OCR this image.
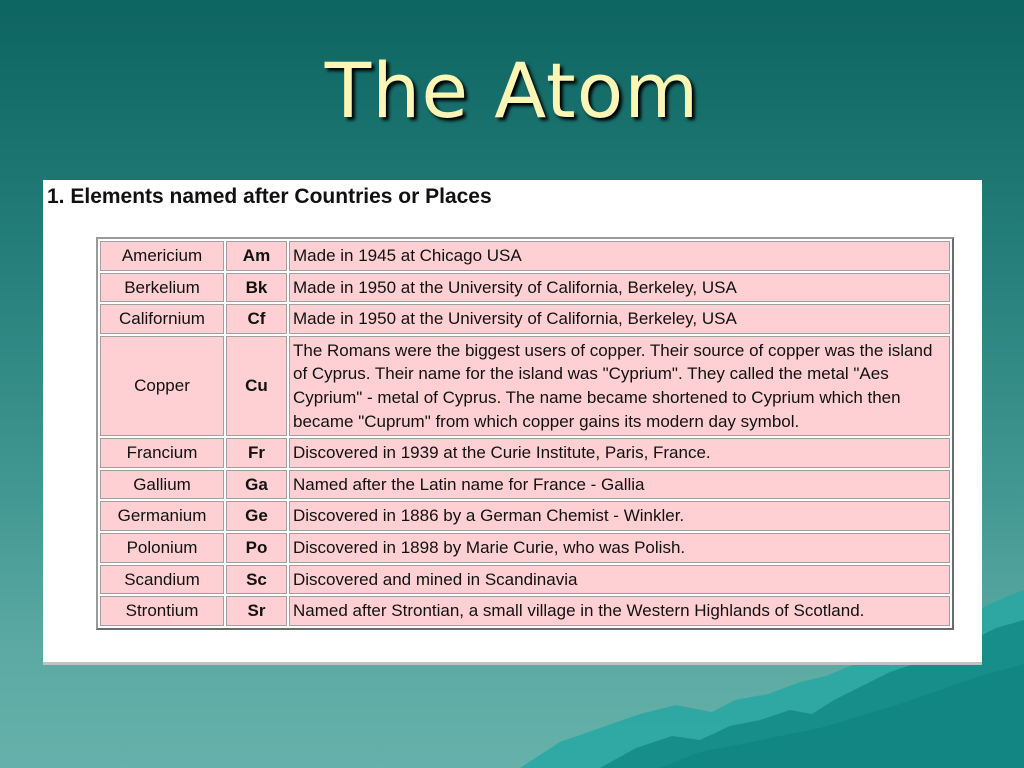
The Atom
1. Elements named after Countries or Places
Americium	Am	Made in 1945 at Chicago USA
Berkelium	Bk	Made in 1950 at the University of California, Berkeley, USA
Californium	Cf	Made in 1950 at the University of California, Berkeley, USA
Copper	Cu	The Romans were the biggest users of copper. Their source of copper was the island of Cyprus. Their name for the island was "Cyprium". They called the metal "Aes Cyprium" - metal of Cyprus. The name became shortened to Cyprium which then became "Cuprum" from which copper gains its modern day symbol.
Francium	Fr	Discovered in 1939 at the Curie Institute, Paris, France.
Gallium	Ga	Named after the Latin name for France - Gallia
Germanium	Ge	Discovered in 1886 by a German Chemist - Winkler.
Polonium	Po	Discovered in 1898 by Marie Curie, who was Polish.
Scandium	Sc	Discovered and mined in Scandinavia
Strontium	Sr	Named after Strontian, a small village in the Western Highlands of Scotland.
